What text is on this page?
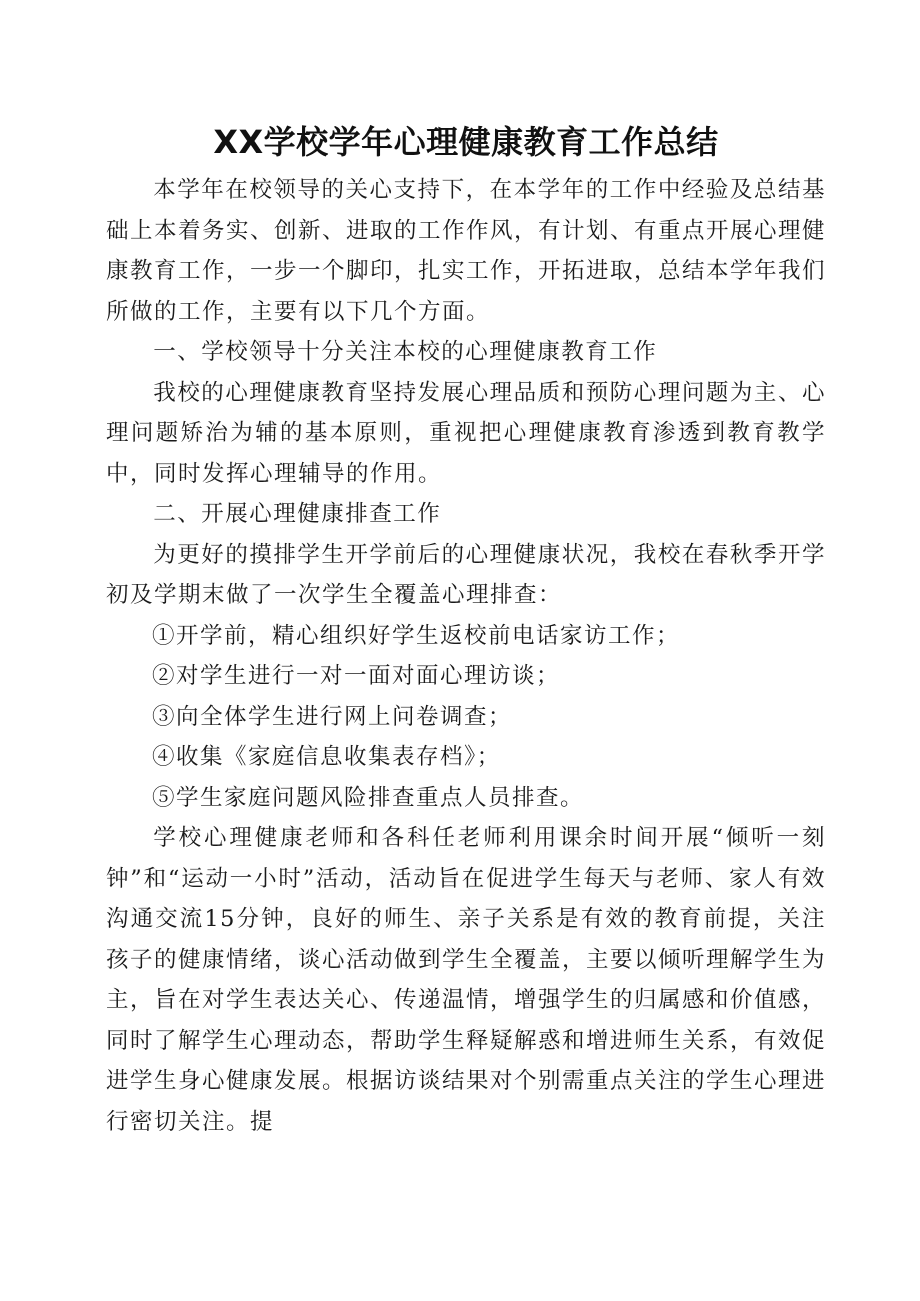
XX学校学年心理健康教育工作总结

本学年在校领导的关心支持下，在本学年的工作中经验及总结基础上本着务实、创新、进取的工作作风，有计划、有重点开展心理健康教育工作，一步一个脚印，扎实工作，开拓进取，总结本学年我们所做的工作，主要有以下几个方面。

一、学校领导十分关注本校的心理健康教育工作

我校的心理健康教育坚持发展心理品质和预防心理问题为主、心理问题矫治为辅的基本原则，重视把心理健康教育渗透到教育教学中，同时发挥心理辅导的作用。

二、开展心理健康排查工作

为更好的摸排学生开学前后的心理健康状况，我校在春秋季开学初及学期末做了一次学生全覆盖心理排查：

①开学前，精心组织好学生返校前电话家访工作；

②对学生进行一对一面对面心理访谈；

③向全体学生进行网上问卷调查；

④收集《家庭信息收集表存档》；

⑤学生家庭问题风险排查重点人员排查。

学校心理健康老师和各科任老师利用课余时间开展“倾听一刻钟”和“运动一小时”活动，活动旨在促进学生每天与老师、家人有效沟通交流15分钟，良好的师生、亲子关系是有效的教育前提，关注孩子的健康情绪，谈心活动做到学生全覆盖，主要以倾听理解学生为主，旨在对学生表达关心、传递温情，增强学生的归属感和价值感，同时了解学生心理动态，帮助学生释疑解惑和增进师生关系，有效促进学生身心健康发展。根据访谈结果对个别需重点关注的学生心理进行密切关注。提
